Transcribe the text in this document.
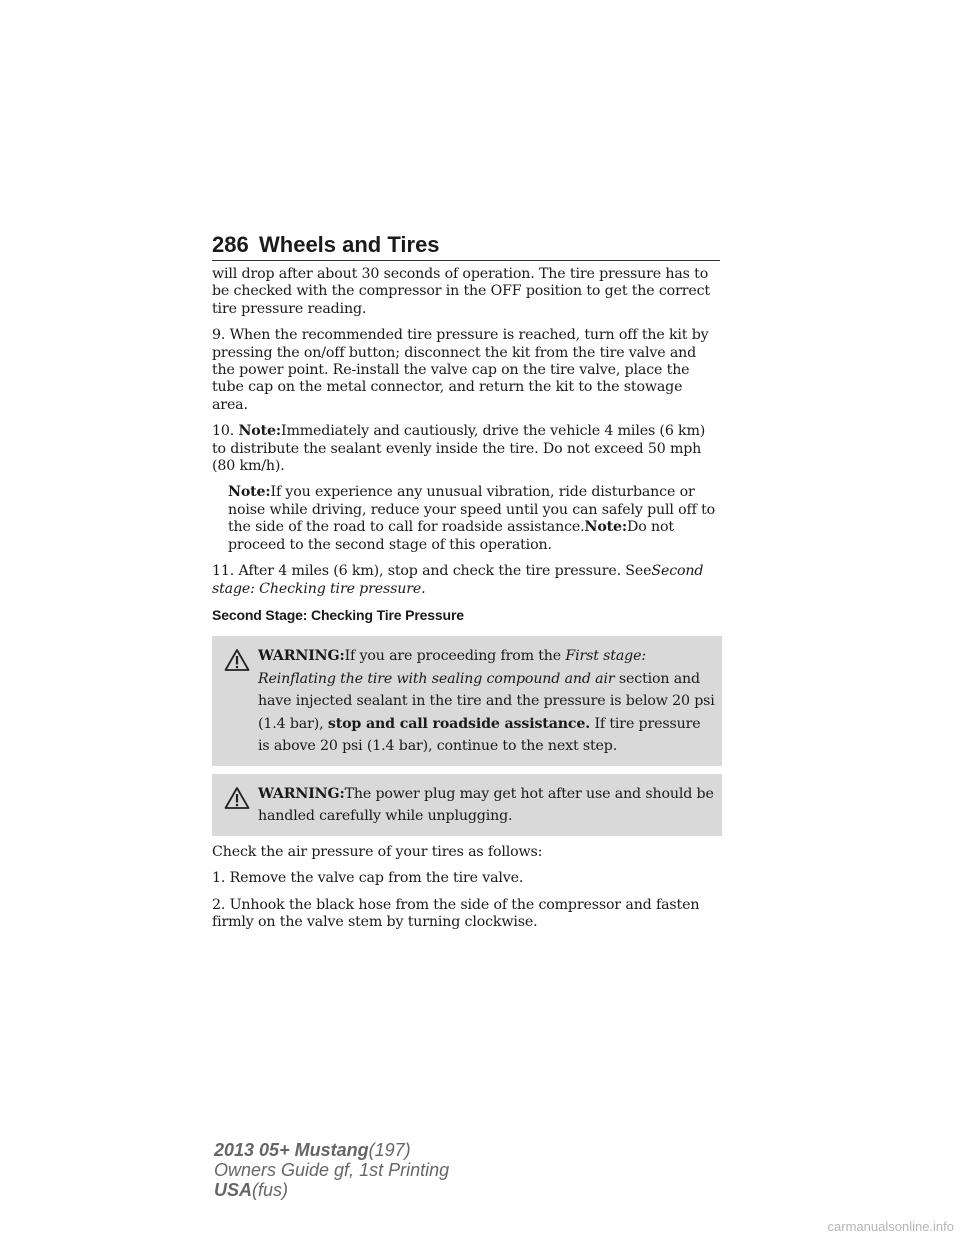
286 Wheels and Tires

will drop after about 30 seconds of operation. The tire pressure has to be checked with the compressor in the OFF position to get the correct tire pressure reading.

9. When the recommended tire pressure is reached, turn off the kit by pressing the on/off button; disconnect the kit from the tire valve and the power point. Re-install the valve cap on the tire valve, place the tube cap on the metal connector, and return the kit to the stowage area.

10. Note:Immediately and cautiously, drive the vehicle 4 miles (6 km) to distribute the sealant evenly inside the tire. Do not exceed 50 mph
(80 km/h).

Note:If you experience any unusual vibration, ride disturbance or noise while driving, reduce your speed until you can safely pull off to the side of the road to call for roadside assistance.Note:Do not proceed to the second stage of this operation.

11. After 4 miles (6 km), stop and check the tire pressure. SeeSecond stage: Checking tire pressure.

Second Stage: Checking Tire Pressure

WARNING:If you are proceeding from the First stage: Reinflating the tire with sealing compound and air section and have injected sealant in the tire and the pressure is below 20 psi (1.4 bar), stop and call roadside assistance. If tire pressure is above 20 psi (1.4 bar), continue to the next step.

WARNING:The power plug may get hot after use and should be handled carefully while unplugging.

Check the air pressure of your tires as follows:

1. Remove the valve cap from the tire valve.

2. Unhook the black hose from the side of the compressor and fasten firmly on the valve stem by turning clockwise.

2013 05+ Mustang(197)
Owners Guide gf, 1st Printing
USA(fus)
carmanualsonline.info
